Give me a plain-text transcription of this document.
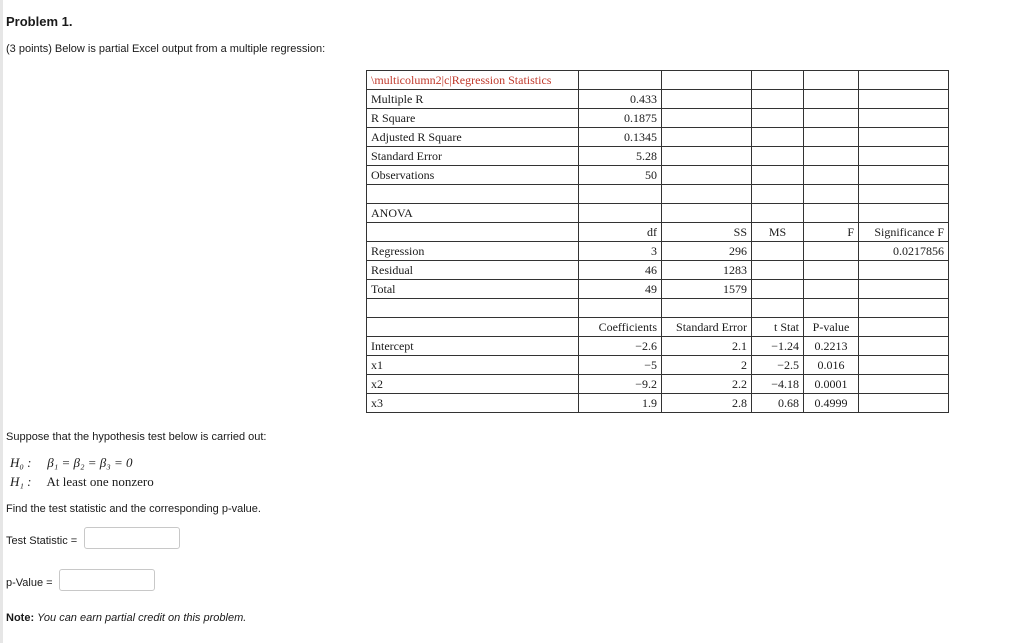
Problem 1.
(3 points) Below is partial Excel output from a multiple regression:
\multicolumn2|c|Regression Statistics					
Multiple R	0.433				
R Square	0.1875				
Adjusted R Square	0.1345				
Standard Error	5.28				
Observations	50				

ANOVA					
	df	SS	MS	F	Significance F
Regression	3	296			0.0217856
Residual	46	1283			
Total	49	1579			

	Coefficients	Standard Error	t Stat	P-value	
Intercept	−2.6	2.1	−1.24	0.2213	
x1	−5	2	−2.5	0.016	
x2	−9.2	2.2	−4.18	0.0001	
x3	1.9	2.8	0.68	0.4999	
Suppose that the hypothesis test below is carried out:
H₀ : β₁ = β₂ = β₃ = 0
H₁ : At least one nonzero
Find the test statistic and the corresponding p-value.
Test Statistic =
p-Value =
Note: You can earn partial credit on this problem.
